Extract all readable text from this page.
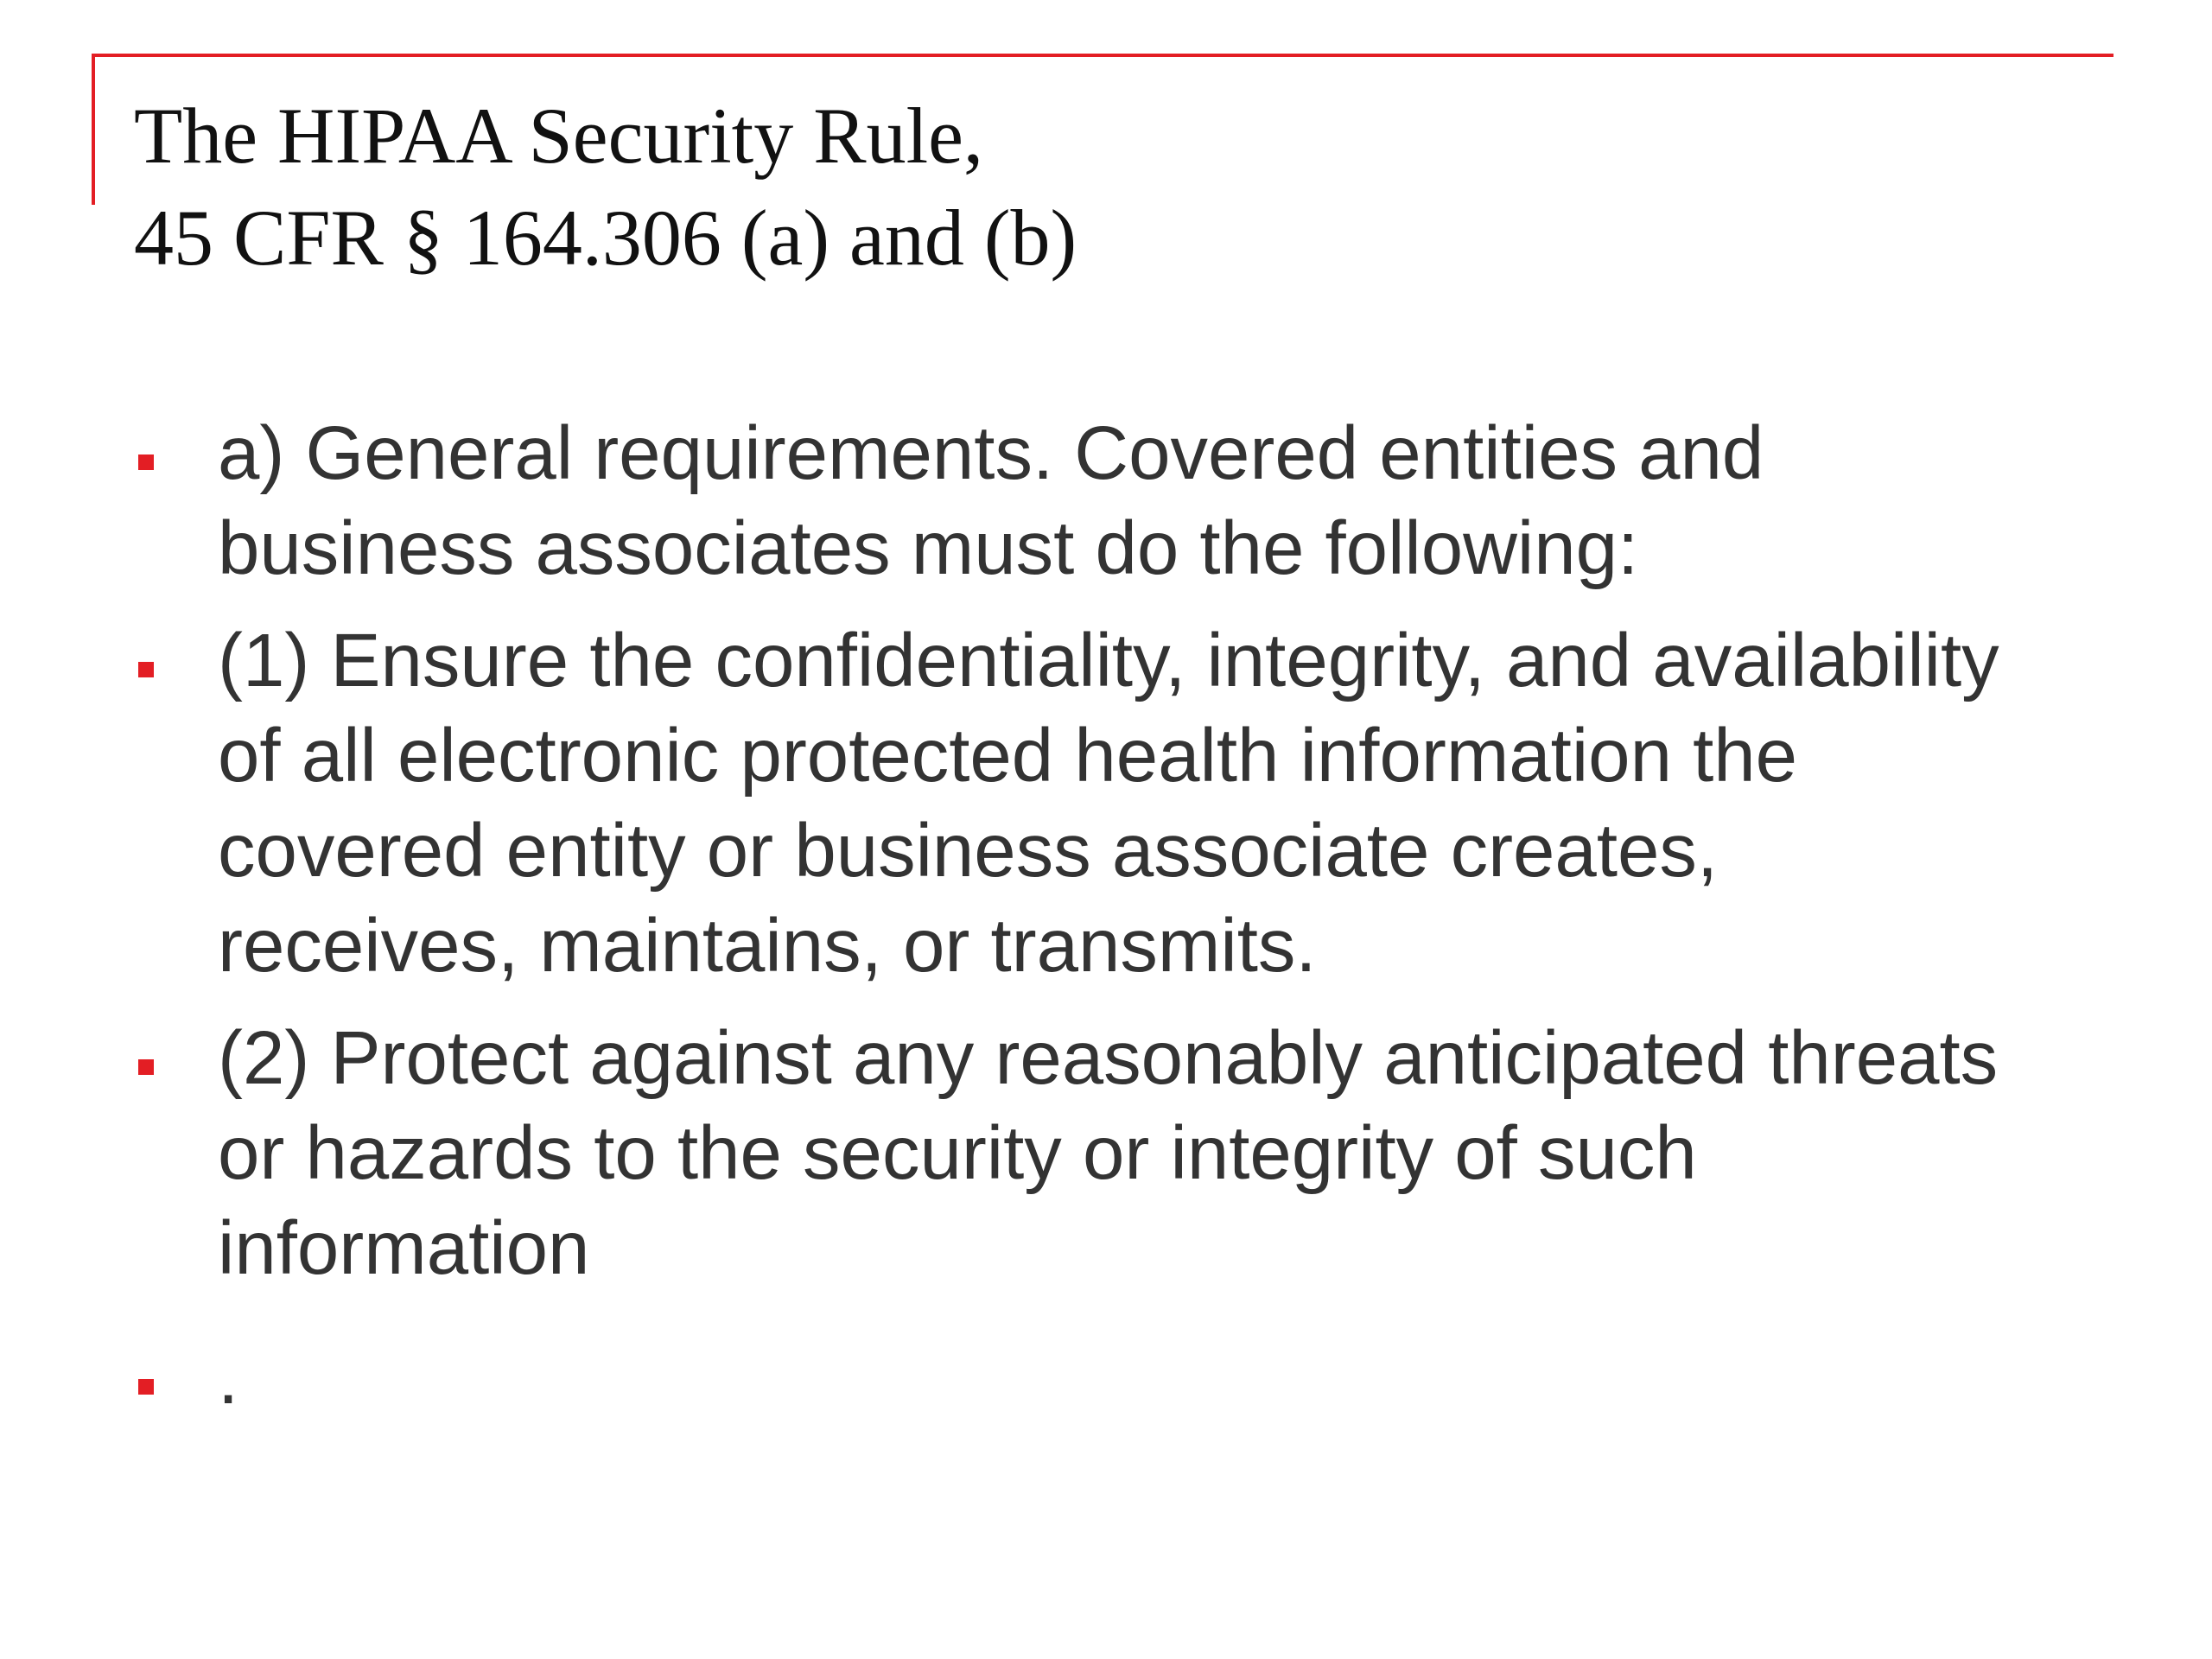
The HIPAA Security Rule,
45 CFR § 164.306 (a) and (b)
a) General requirements. Covered entities and
business associates must do the following:
(1) Ensure the confidentiality, integrity, and availability
of all electronic protected health information the
covered entity or business associate creates,
receives, maintains, or transmits.
(2) Protect against any reasonably anticipated threats
or hazards to the security or integrity of such
information
.
